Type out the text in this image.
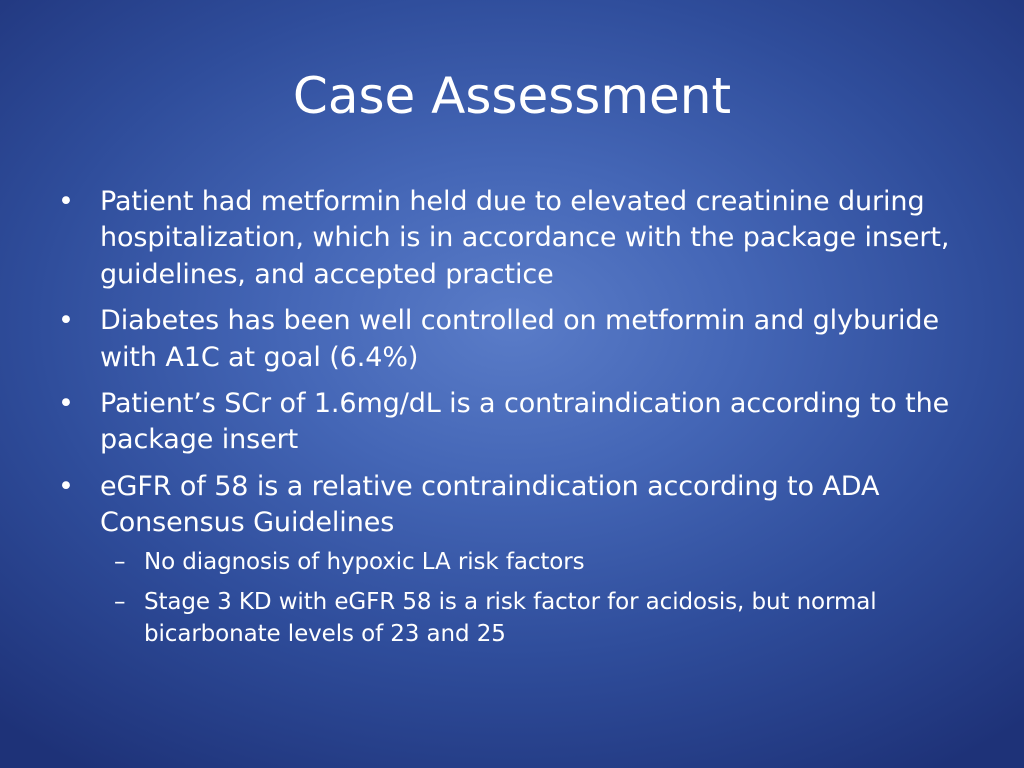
Case Assessment
• Patient had metformin held due to elevated creatinine during hospitalization, which is in accordance with the package insert, guidelines, and accepted practice
• Diabetes has been well controlled on metformin and glyburide with A1C at goal (6.4%)
• Patient’s SCr of 1.6mg/dL is a contraindication according to the package insert
• eGFR of 58 is a relative contraindication according to ADA Consensus Guidelines
– No diagnosis of hypoxic LA risk factors
– Stage 3 KD with eGFR 58 is a risk factor for acidosis, but normal bicarbonate levels of 23 and 25
